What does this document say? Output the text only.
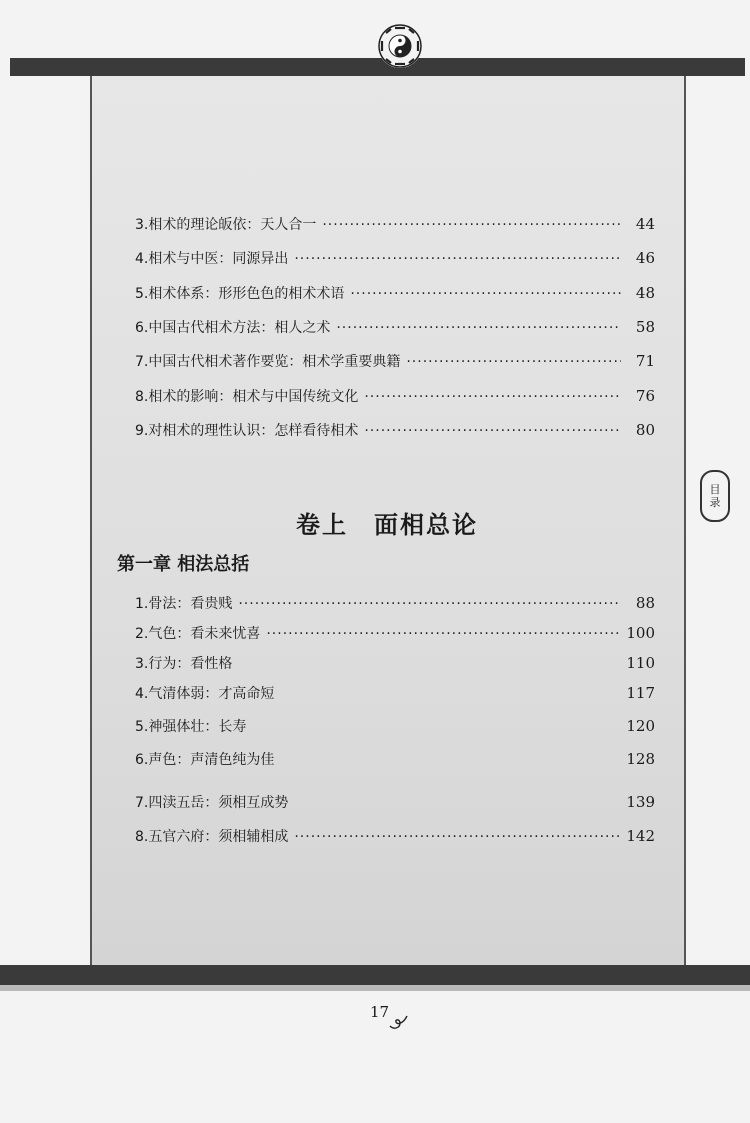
目
录
3.相术的理论皈依：天人合一 ·····	44
4.相术与中医：同源异出 ·····	46
5.相术体系：形形色色的相术术语 ·····	48
6.中国古代相术方法：相人之术 ·····	58
7.中国古代相术著作要览：相术学重要典籍 ·····	71
8.相术的影响：相术与中国传统文化 ·····	76
9.对相术的理性认识：怎样看待相术 ·····	80
卷上　面相总论
第一章 相法总括
1.骨法：看贵贱 ·····	88
2.气色：看未来忧喜 ·····	100
3.行为：看性格	110
4.气清体弱：才高命短	117
5.神强体壮：长寿	120
6.声色：声清色纯为佳	128
7.四渎五岳：须相互成势	139
8.五官六府：须相辅相成 ·····	142
17
